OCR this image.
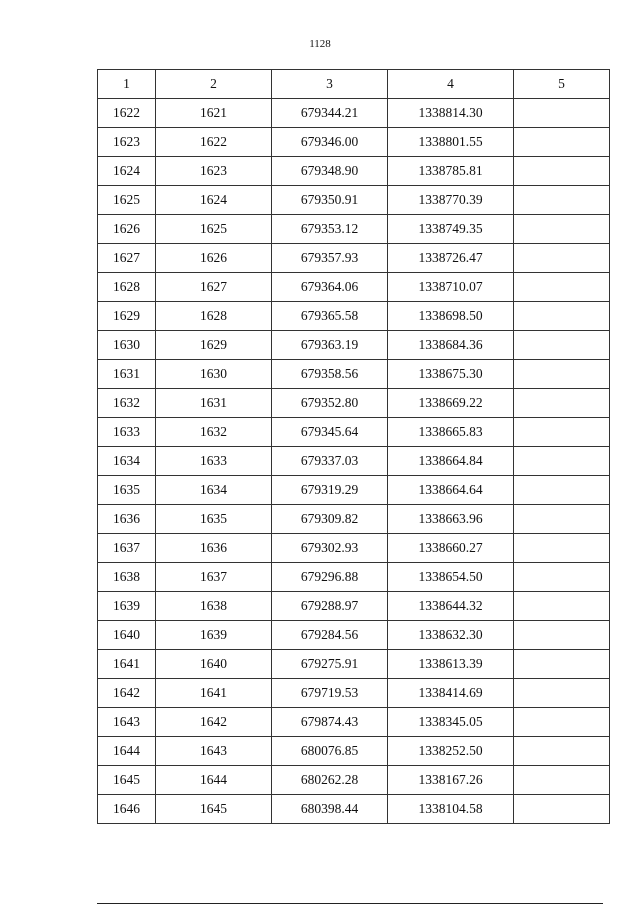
1128
1	2	3	4	5
1622	1621	679344.21	1338814.30	
1623	1622	679346.00	1338801.55	
1624	1623	679348.90	1338785.81	
1625	1624	679350.91	1338770.39	
1626	1625	679353.12	1338749.35	
1627	1626	679357.93	1338726.47	
1628	1627	679364.06	1338710.07	
1629	1628	679365.58	1338698.50	
1630	1629	679363.19	1338684.36	
1631	1630	679358.56	1338675.30	
1632	1631	679352.80	1338669.22	
1633	1632	679345.64	1338665.83	
1634	1633	679337.03	1338664.84	
1635	1634	679319.29	1338664.64	
1636	1635	679309.82	1338663.96	
1637	1636	679302.93	1338660.27	
1638	1637	679296.88	1338654.50	
1639	1638	679288.97	1338644.32	
1640	1639	679284.56	1338632.30	
1641	1640	679275.91	1338613.39	
1642	1641	679719.53	1338414.69	
1643	1642	679874.43	1338345.05	
1644	1643	680076.85	1338252.50	
1645	1644	680262.28	1338167.26	
1646	1645	680398.44	1338104.58	
